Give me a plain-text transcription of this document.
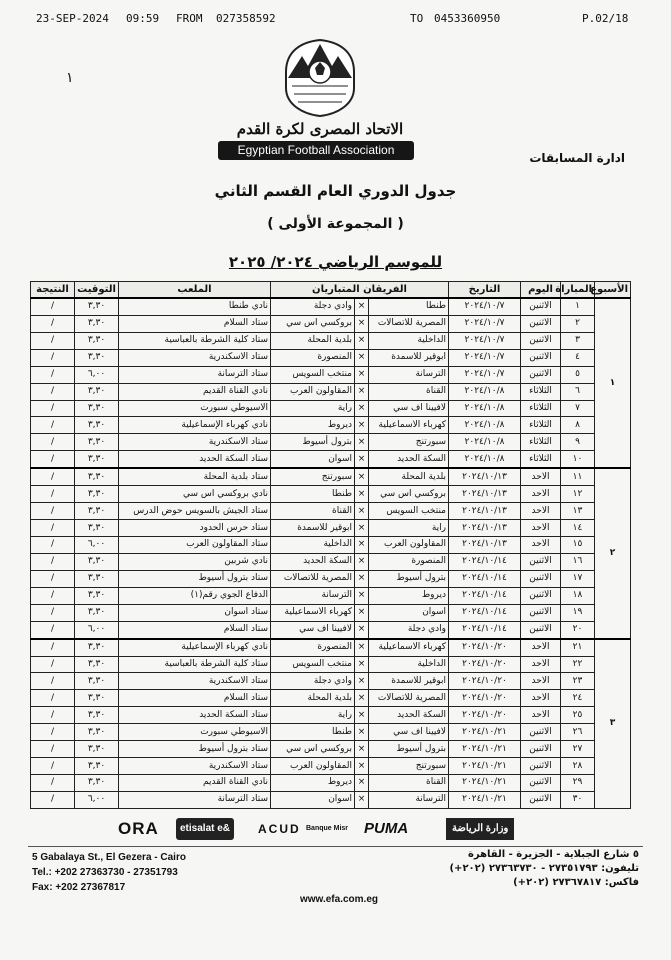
23-SEP-2024 09:59 FROM 027358592	TO 0453360950	P.02/18
١
الاتحاد المصرى لكرة القدم
Egyptian Football Association
ادارة المسابقات
جدول الدوري العام القسم الثاني
( المجموعة الأولى )
للموسم الرياضي ٢٠٢٤/ ٢٠٢٥
الأسبوع	المباراة	اليوم	التاريخ	الفريقان المتباريان			الملعب	التوقيت	النتيجة
١	١	الاثنين	٢٠٢٤/١٠/٧	طنطا	×	وادي دجلة	نادي طنطا	٣,٣٠	/
	٢	الاثنين	٢٠٢٤/١٠/٧	المصرية للاتصالات	×	بروكسي اس سي	ستاد السلام	٣,٣٠	/
	٣	الاثنين	٢٠٢٤/١٠/٧	الداخلية	×	بلدية المحلة	ستاد كلية الشرطة بالعباسية	٣,٣٠	/
	٤	الاثنين	٢٠٢٤/١٠/٧	ابوقير للاسمدة	×	المنصورة	ستاد الاسكندرية	٣,٣٠	/
	٥	الاثنين	٢٠٢٤/١٠/٧	الترسانة	×	منتخب السويس	ستاد الترسانة	٦,٠٠	/
	٦	الثلاثاء	٢٠٢٤/١٠/٨	القناة	×	المقاولون العرب	نادي القناة القديم	٣,٣٠	/
	٧	الثلاثاء	٢٠٢٤/١٠/٨	لافيينا اف سي	×	راية	الاسيوطي سبورت	٣,٣٠	/
	٨	الثلاثاء	٢٠٢٤/١٠/٨	كهرباء الاسماعيلية	×	ديروط	نادي كهرباء الإسماعيلية	٣,٣٠	/
	٩	الثلاثاء	٢٠٢٤/١٠/٨	سبورتنج	×	بترول أسيوط	ستاد الاسكندرية	٣,٣٠	/
	١٠	الثلاثاء	٢٠٢٤/١٠/٨	السكة الحديد	×	اسوان	ستاد السكة الحديد	٣,٣٠	/
٢	١١	الاحد	٢٠٢٤/١٠/١٣	بلدية المحلة	×	سبورتنج	ستاد بلدية المحلة	٣,٣٠	/
	١٢	الاحد	٢٠٢٤/١٠/١٣	بروكسي اس سي	×	طنطا	نادي بروكسي اس سي	٣,٣٠	/
	١٣	الاحد	٢٠٢٤/١٠/١٣	منتخب السويس	×	القناة	ستاد الجيش بالسويس حوض الدرس	٣,٣٠	/
	١٤	الاحد	٢٠٢٤/١٠/١٣	راية	×	ابوقير للاسمدة	ستاد حرس الحدود	٣,٣٠	/
	١٥	الاحد	٢٠٢٤/١٠/١٣	المقاولون العرب	×	الداخلية	ستاد المقاولون العرب	٦,٠٠	/
	١٦	الاثنين	٢٠٢٤/١٠/١٤	المنصورة	×	السكة الحديد	نادي شربين	٣,٣٠	/
	١٧	الاثنين	٢٠٢٤/١٠/١٤	بترول أسيوط	×	المصرية للاتصالات	ستاد بترول أسيوط	٣,٣٠	/
	١٨	الاثنين	٢٠٢٤/١٠/١٤	ديروط	×	الترسانة	الدفاع الجوي رقم(١)	٣,٣٠	/
	١٩	الاثنين	٢٠٢٤/١٠/١٤	اسوان	×	كهرباء الاسماعيلية	ستاد اسوان	٣,٣٠	/
	٢٠	الاثنين	٢٠٢٤/١٠/١٤	وادي دجلة	×	لافيينا اف سي	ستاد السلام	٦,٠٠	/
٣	٢١	الاحد	٢٠٢٤/١٠/٢٠	كهرباء الاسماعيلية	×	المنصورة	نادي كهرباء الإسماعيلية	٣,٣٠	/
	٢٢	الاحد	٢٠٢٤/١٠/٢٠	الداخلية	×	منتخب السويس	ستاد كلية الشرطة بالعباسية	٣,٣٠	/
	٢٣	الاحد	٢٠٢٤/١٠/٢٠	ابوقير للاسمدة	×	وادي دجلة	ستاد الاسكندرية	٣,٣٠	/
	٢٤	الاحد	٢٠٢٤/١٠/٢٠	المصرية للاتصالات	×	بلدية المحلة	ستاد السلام	٣,٣٠	/
	٢٥	الاحد	٢٠٢٤/١٠/٢٠	السكة الحديد	×	راية	ستاد السكة الحديد	٣,٣٠	/
	٢٦	الاثنين	٢٠٢٤/١٠/٢١	لافيينا اف سي	×	طنطا	الاسيوطي سبورت	٣,٣٠	/
	٢٧	الاثنين	٢٠٢٤/١٠/٢١	بترول أسيوط	×	بروكسي اس سي	ستاد بترول أسيوط	٣,٣٠	/
	٢٨	الاثنين	٢٠٢٤/١٠/٢١	سبورتنج	×	المقاولون العرب	ستاد الاسكندرية	٣,٣٠	/
	٢٩	الاثنين	٢٠٢٤/١٠/٢١	القناة	×	ديروط	نادي القناة القديم	٣,٣٠	/
	٣٠	الاثنين	٢٠٢٤/١٠/٢١	الترسانة	×	اسوان	ستاد الترسانة	٦,٠٠	/
ORA	etisalat e&	ACUD Banque Misr PUMA	وزارة الرياضة
5 Gabalaya St., El Gezera - Cairo
Tel.: +202 27363730 - 27351793
Fax: +202 27367817
٥ شارع الجبلاية - الجزيرة - القاهرة
تليفون: ٢٧٣٥١٧٩٣ - ٢٧٣٦٣٧٣٠ (٢٠٢+)
فاكس: ٢٧٣٦٧٨١٧ (٢٠٢+)
www.efa.com.eg
